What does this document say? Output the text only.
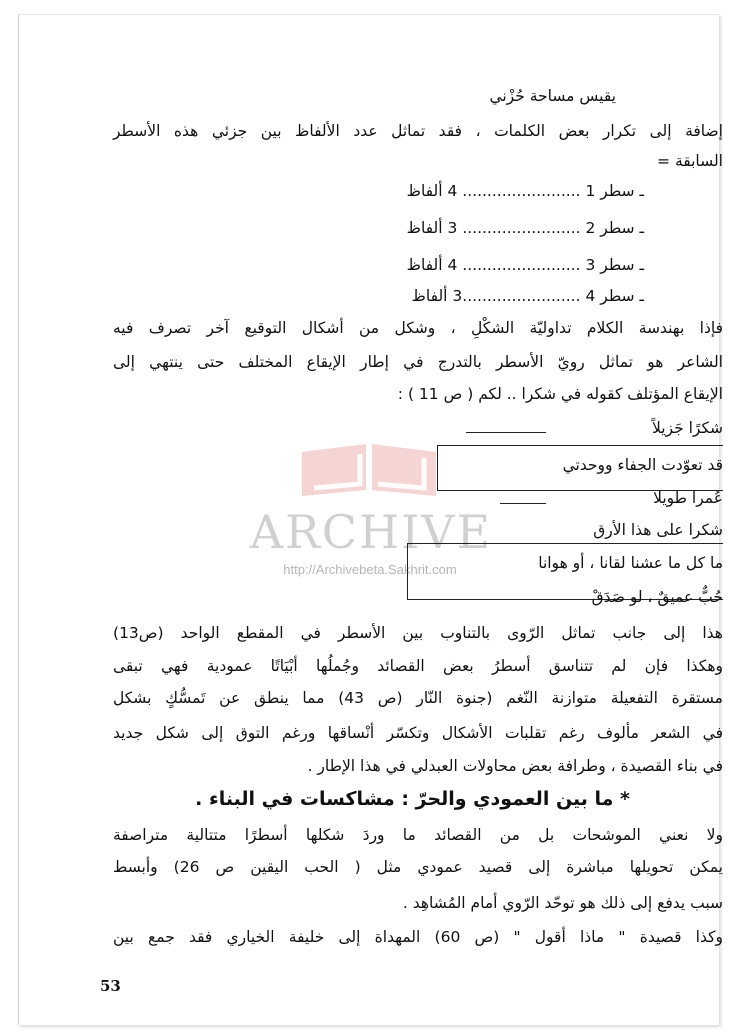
ARCHIVE
http://Archivebeta.Sakhrit.com
يقيس مساحة حُزْني
إضافة إلى تكرار بعض الكلمات ، فقد تماثل عدد الألفاظ بين جزئي هذه الأسطر
السابقة =
ـ سطر 1 ........................ 4 ألفاظ
ـ سطر 2 ........................ 3 ألفاظ
ـ سطر 3 ........................ 4 ألفاظ
ـ سطر 4 ........................3 ألفاظ
فإذا بهندسة الكلام تداوليّة الشكْلِ ، وشكل من أشكال التوقيع آخر تصرف فيه
الشاعر هو تماثل رويّ الأسطر بالتدرج في إطار الإيقاع المختلف حتى ينتهي إلى
الإيقاع المؤتلف كقوله في شكرا .. لكم ( ص 11 ) :
شكرًا جَزيلاً
قد تعوّدت الجفاء ووحدتي
عُمرا طويلا
شكرا على هذا الأرق
ما كل ما عشنا لقانا ، أو هوانا
حُبٌّ عميقٌ ، لو صَدَقْ
هذا إلى جانب تماثل الرّوى بالتناوب بين الأسطر في المقطع الواحد (ص13)
وهكذا فإن لم تتناسق أسطرُ بعض القصائد وجُملُها أبْيَاتًا عمودية فهي تبقى
مستقرة التفعيلة متوازنة النّغم (جنوة النّار (ص 43) مما ينطق عن تَمسُّكٍ بشكل
في الشعر مألوف رغم تقلبات الأشكال وتكسّر أنْساقها ورغم التوق إلى شكل جديد
في بناء القصيدة ، وطرافة بعض محاولات العبدلي في هذا الإطار .
* ما بين العمودي والحرّ : مشاكسات في البناء .
ولا نعني الموشحات بل من القصائد ما وردَ شكلها أسطرًا متتالية متراصفة
يمكن تحويلها مباشرة إلى قصيد عمودي مثل ( الحب اليقين ص 26) وأبسط
سبب يدفع إلى ذلك هو توحّد الرّوي أمام المُشاهِد .
وكذا قصيدة " ماذا أقول " (ص 60) المهداة إلى خليفة الخياري فقد جمع بين
53
